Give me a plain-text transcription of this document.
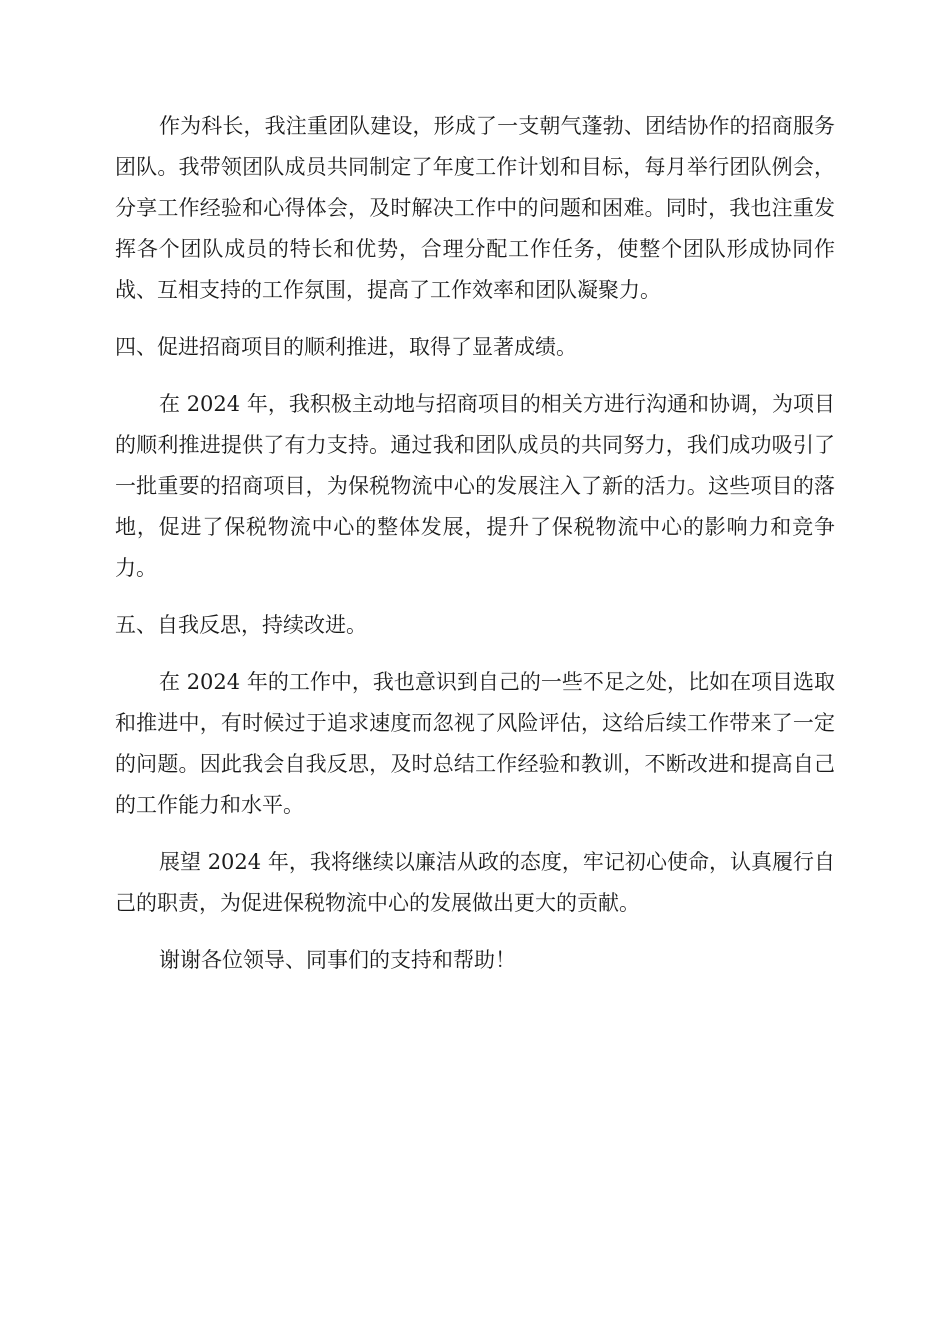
作为科长，我注重团队建设，形成了一支朝气蓬勃、团结协作的招商服务团队。我带领团队成员共同制定了年度工作计划和目标，每月举行团队例会，分享工作经验和心得体会，及时解决工作中的问题和困难。同时，我也注重发挥各个团队成员的特长和优势，合理分配工作任务，使整个团队形成协同作战、互相支持的工作氛围，提高了工作效率和团队凝聚力。

四、促进招商项目的顺利推进，取得了显著成绩。

在 2024 年，我积极主动地与招商项目的相关方进行沟通和协调，为项目的顺利推进提供了有力支持。通过我和团队成员的共同努力，我们成功吸引了一批重要的招商项目，为保税物流中心的发展注入了新的活力。这些项目的落地，促进了保税物流中心的整体发展，提升了保税物流中心的影响力和竞争力。

五、自我反思，持续改进。

在 2024 年的工作中，我也意识到自己的一些不足之处，比如在项目选取和推进中，有时候过于追求速度而忽视了风险评估，这给后续工作带来了一定的问题。因此我会自我反思，及时总结工作经验和教训，不断改进和提高自己的工作能力和水平。

展望 2024 年，我将继续以廉洁从政的态度，牢记初心使命，认真履行自己的职责，为促进保税物流中心的发展做出更大的贡献。

谢谢各位领导、同事们的支持和帮助！
